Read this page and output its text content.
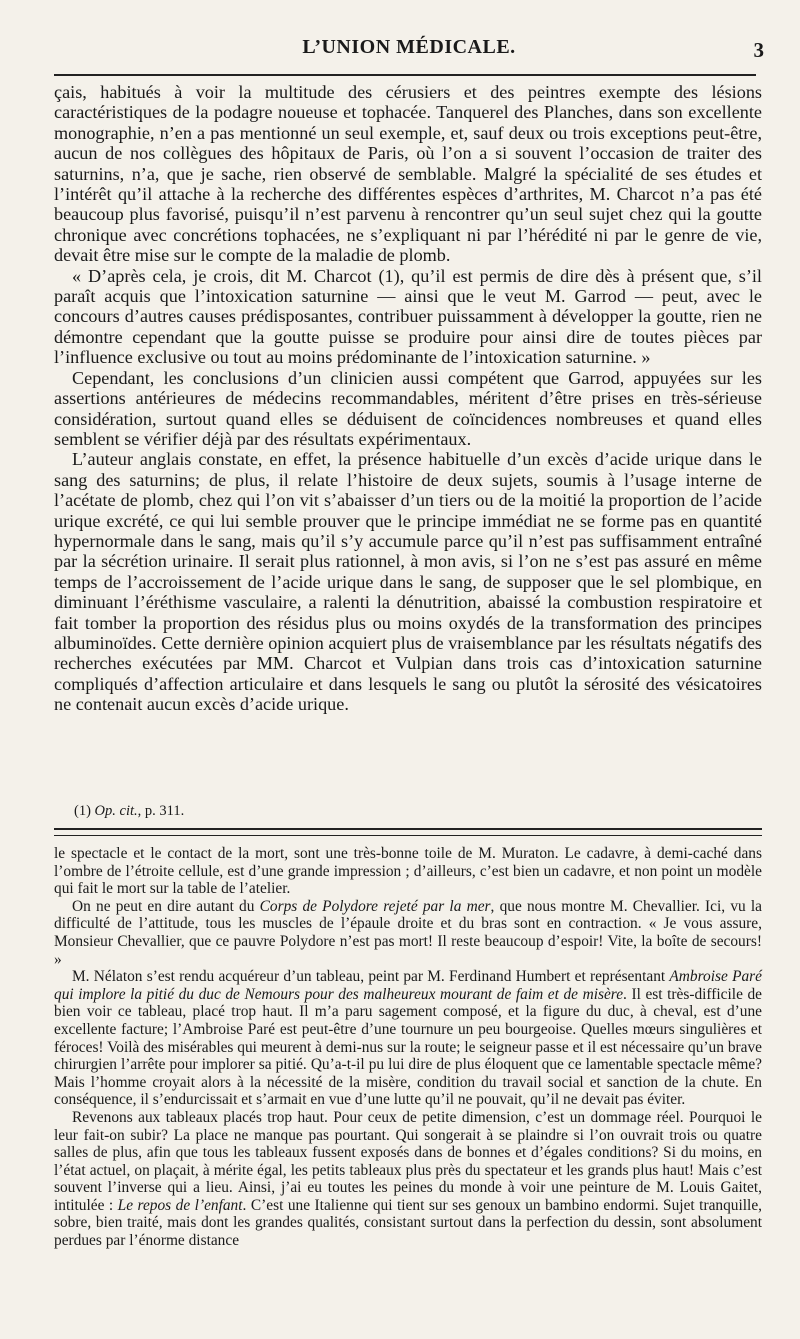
L’UNION MÉDICALE.	3

çais, habitués à voir la multitude des cérusiers et des peintres exempte des lésions caractéristiques de la podagre noueuse et tophacée. Tanquerel des Planches, dans son excellente monographie, n’en a pas mentionné un seul exemple, et, sauf deux ou trois exceptions peut-être, aucun de nos collègues des hôpitaux de Paris, où l’on a si souvent l’occasion de traiter des saturnins, n’a, que je sache, rien observé de semblable. Malgré la spécialité de ses études et l’intérêt qu’il attache à la recherche des différentes espèces d’arthrites, M. Charcot n’a pas été beaucoup plus favorisé, puisqu’il n’est parvenu à rencontrer qu’un seul sujet chez qui la goutte chronique avec concrétions tophacées, ne s’expliquant ni par l’hérédité ni par le genre de vie, devait être mise sur le compte de la maladie de plomb.

« D’après cela, je crois, dit M. Charcot (1), qu’il est permis de dire dès à présent que, s’il paraît acquis que l’intoxication saturnine — ainsi que le veut M. Garrod — peut, avec le concours d’autres causes prédisposantes, contribuer puissamment à développer la goutte, rien ne démontre cependant que la goutte puisse se produire pour ainsi dire de toutes pièces par l’influence exclusive ou tout au moins prédominante de l’intoxication saturnine. »

Cependant, les conclusions d’un clinicien aussi compétent que Garrod, appuyées sur les assertions antérieures de médecins recommandables, méritent d’être prises en très-sérieuse considération, surtout quand elles se déduisent de coïncidences nombreuses et quand elles semblent se vérifier déjà par des résultats expérimentaux.

L’auteur anglais constate, en effet, la présence habituelle d’un excès d’acide urique dans le sang des saturnins; de plus, il relate l’histoire de deux sujets, soumis à l’usage interne de l’acétate de plomb, chez qui l’on vit s’abaisser d’un tiers ou de la moitié la proportion de l’acide urique excrété, ce qui lui semble prouver que le principe immédiat ne se forme pas en quantité hypernormale dans le sang, mais qu’il s’y accumule parce qu’il n’est pas suffisamment entraîné par la sécrétion urinaire. Il serait plus rationnel, à mon avis, si l’on ne s’est pas assuré en même temps de l’accroissement de l’acide urique dans le sang, de supposer que le sel plombique, en diminuant l’éréthisme vasculaire, a ralenti la dénutrition, abaissé la combustion respiratoire et fait tomber la proportion des résidus plus ou moins oxydés de la transformation des principes albuminoïdes. Cette dernière opinion acquiert plus de vraisemblance par les résultats négatifs des recherches exécutées par MM. Charcot et Vulpian dans trois cas d’intoxication saturnine compliqués d’affection articulaire et dans lesquels le sang ou plutôt la sérosité des vésicatoires ne contenait aucun excès d’acide urique.

(1) Op. cit., p. 311.

le spectacle et le contact de la mort, sont une très-bonne toile de M. Muraton. Le cadavre, à demi-caché dans l’ombre de l’étroite cellule, est d’une grande impression ; d’ailleurs, c’est bien un cadavre, et non point un modèle qui fait le mort sur la table de l’atelier.

On ne peut en dire autant du Corps de Polydore rejeté par la mer, que nous montre M. Chevallier. Ici, vu la difficulté de l’attitude, tous les muscles de l’épaule droite et du bras sont en contraction. « Je vous assure, Monsieur Chevallier, que ce pauvre Polydore n’est pas mort! Il reste beaucoup d’espoir! Vite, la boîte de secours! »

M. Nélaton s’est rendu acquéreur d’un tableau, peint par M. Ferdinand Humbert et représentant Ambroise Paré qui implore la pitié du duc de Nemours pour des malheureux mourant de faim et de misère. Il est très-difficile de bien voir ce tableau, placé trop haut. Il m’a paru sagement composé, et la figure du duc, à cheval, est d’une excellente facture; l’Ambroise Paré est peut-être d’une tournure un peu bourgeoise. Quelles mœurs singulières et féroces! Voilà des misérables qui meurent à demi-nus sur la route; le seigneur passe et il est nécessaire qu’un brave chirurgien l’arrête pour implorer sa pitié. Qu’a-t-il pu lui dire de plus éloquent que ce lamentable spectacle même? Mais l’homme croyait alors à la nécessité de la misère, condition du travail social et sanction de la chute. En conséquence, il s’endurcissait et s’armait en vue d’une lutte qu’il ne pouvait, qu’il ne devait pas éviter.

Revenons aux tableaux placés trop haut. Pour ceux de petite dimension, c’est un dommage réel. Pourquoi le leur fait-on subir? La place ne manque pas pourtant. Qui songerait à se plaindre si l’on ouvrait trois ou quatre salles de plus, afin que tous les tableaux fussent exposés dans de bonnes et d’égales conditions? Si du moins, en l’état actuel, on plaçait, à mérite égal, les petits tableaux plus près du spectateur et les grands plus haut! Mais c’est souvent l’inverse qui a lieu. Ainsi, j’ai eu toutes les peines du monde à voir une peinture de M. Louis Gaitet, intitulée : Le repos de l’enfant. C’est une Italienne qui tient sur ses genoux un bambino endormi. Sujet tranquille, sobre, bien traité, mais dont les grandes qualités, consistant surtout dans la perfection du dessin, sont absolument perdues par l’énorme distance
